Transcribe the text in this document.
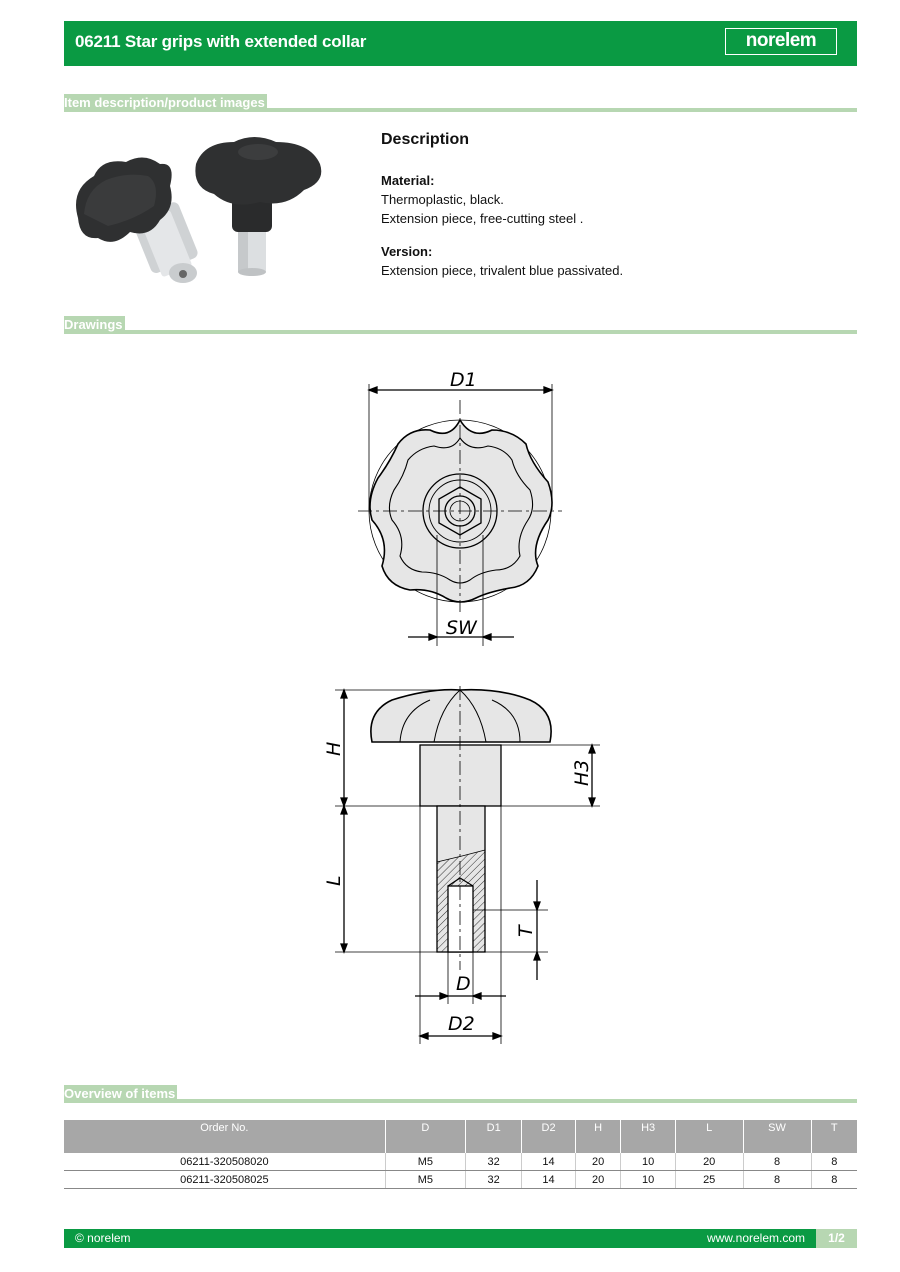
06211 Star grips with extended collar	norelem
Item description/product images
Description
Material:
Thermoplastic, black.
Extension piece, free-cutting steel .
Version:
Extension piece, trivalent blue passivated.
Drawings
D1
SW
H
L
H3
T
D
D2
Overview of items
Order No.	D	D1	D2	H	H3	L	SW	T
06211-320508020	M5	32	14	20	10	20	8	8
06211-320508025	M5	32	14	20	10	25	8	8
© norelem	www.norelem.com	1/2
